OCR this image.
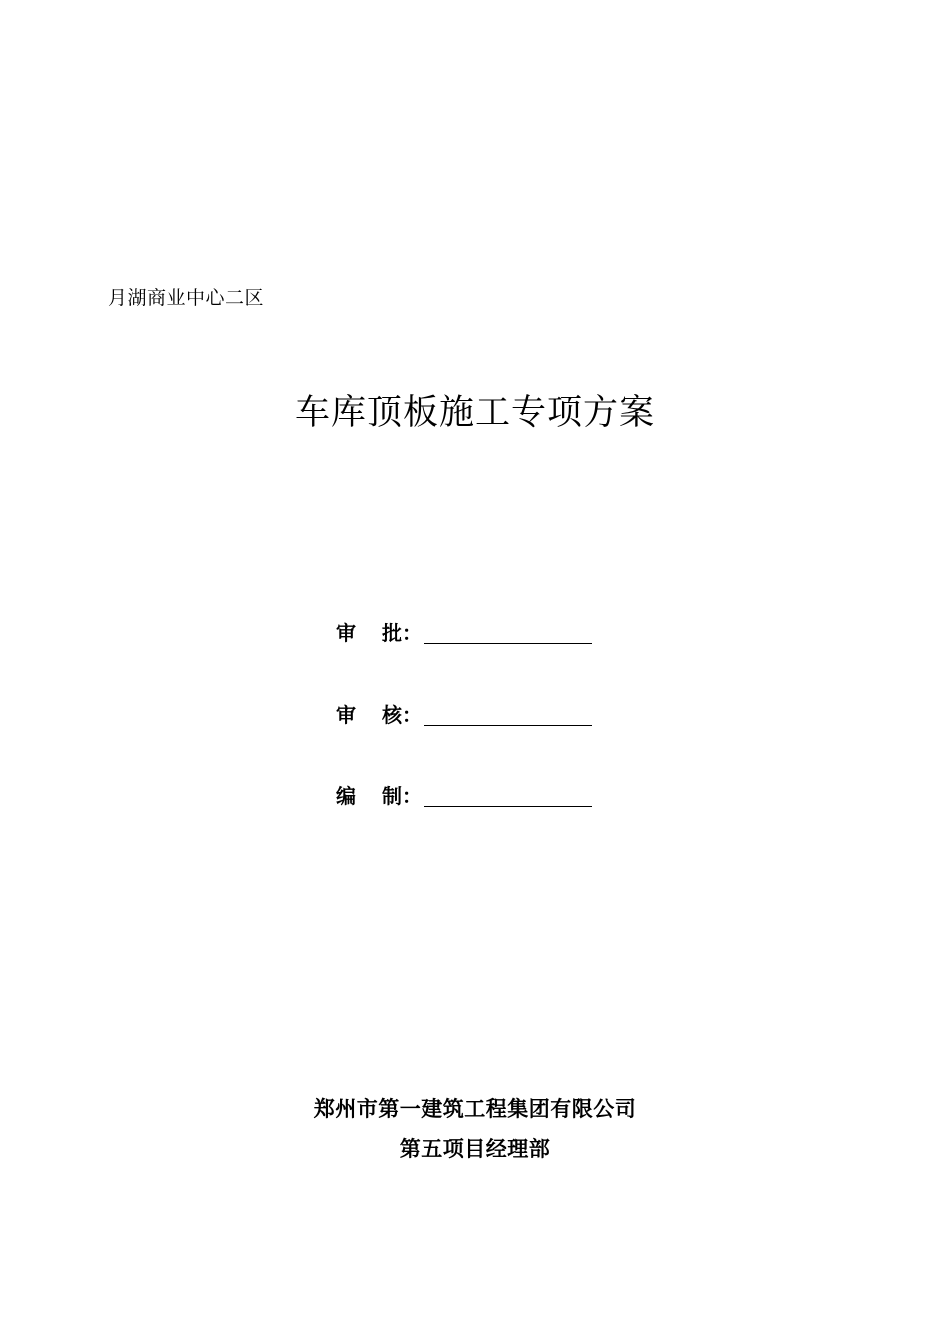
月湖商业中心二区
车库顶板施工专项方案
审 批 ：
审 核 ：
编 制 ：
郑州市第一建筑工程集团有限公司
第五项目经理部
